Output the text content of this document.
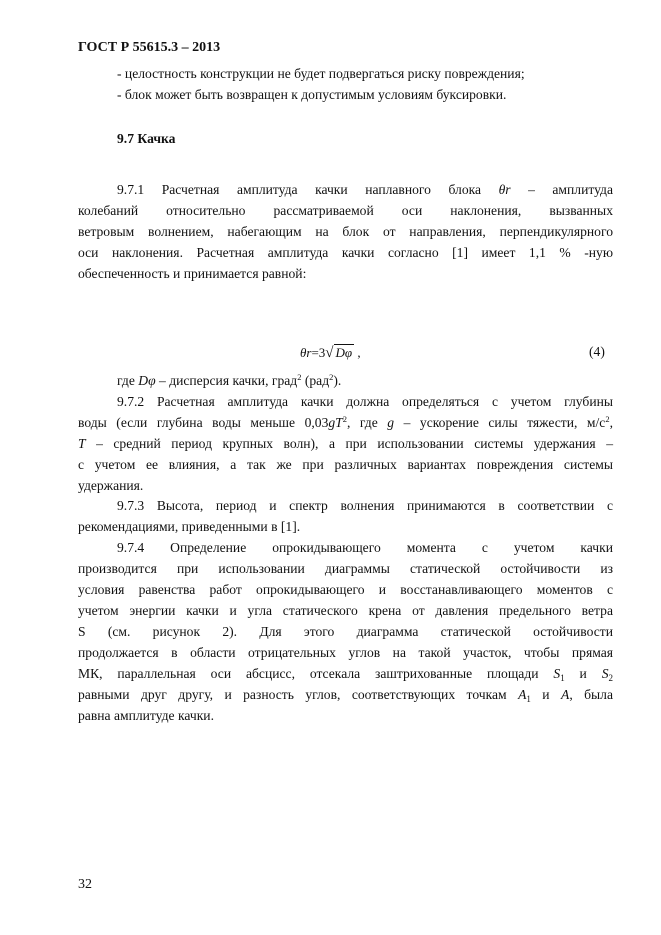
ГОСТ Р 55615.3 – 2013
- целостность конструкции не будет подвергаться риску повреждения;
- блок может быть возвращен к допустимым условиям буксировки.
9.7 Качка
9.7.1 Расчетная амплитуда качки наплавного блока θr – амплитуда
колебаний относительно рассматриваемой оси наклонения, вызванных
ветровым волнением, набегающим на блок от направления, перпендикулярного
оси наклонения. Расчетная амплитуда качки согласно [1] имеет 1,1 % -ную
обеспеченность и принимается равной:
θr=3√ Dφ ,	(4)
где Dφ – дисперсия качки, град$^2$ (рад$^2$).
9.7.2 Расчетная амплитуда качки должна определяться с учетом глубины
воды (если глубина воды меньше $0,03gT^2$, где g – ускорение силы тяжести, $м/с^2$,
T – средний период крупных волн), а при использовании системы удержания –
с учетом ее влияния, а так же при различных вариантах повреждения системы
удержания.
9.7.3 Высота, период и спектр волнения принимаются в соответствии с
рекомендациями, приведенными в [1].
9.7.4 Определение опрокидывающего момента с учетом качки
производится при использовании диаграммы статической остойчивости из
условия равенства работ опрокидывающего и восстанавливающего моментов с
учетом энергии качки и угла статического крена от давления предельного ветра
S (см. рисунок 2). Для этого диаграмма статической остойчивости
продолжается в области отрицательных углов на такой участок, чтобы прямая
МК, параллельная оси абсцисс, отсекала заштрихованные площади $S_1$ и $S_2$
равными друг другу, и разность углов, соответствующих точкам $A_1$ и A, была
равна амплитуде качки.
32
